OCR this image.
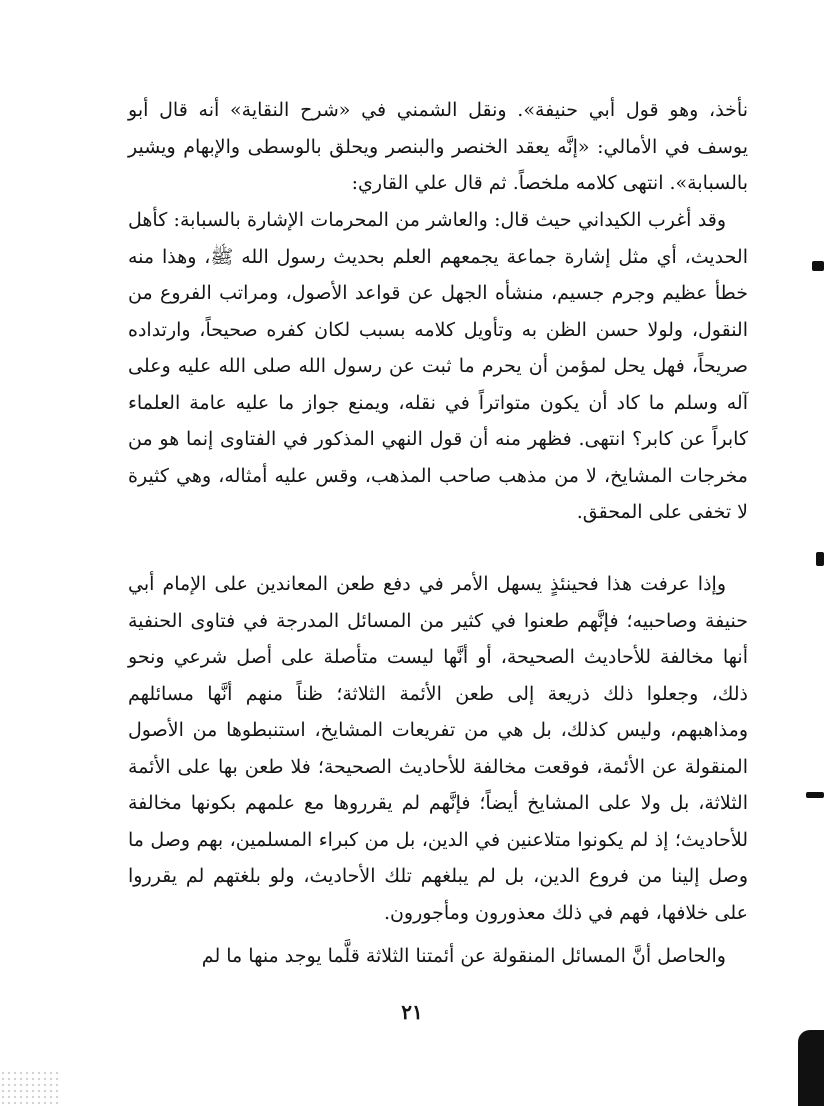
نأخذ، وهو قول أبي حنيفة». ونقل الشمني في «شرح النقاية» أنه قال أبو يوسف في الأمالي: «إنَّه يعقد الخنصر والبنصر ويحلق بالوسطى والإبهام ويشير بالسبابة». انتهى كلامه ملخصاً. ثم قال علي القاري:

وقد أغرب الكيداني حيث قال: والعاشر من المحرمات الإشارة بالسبابة: كأهل الحديث، أي مثل إشارة جماعة يجمعهم العلم بحديث رسول الله ﷺ، وهذا منه خطأ عظيم وجرم جسيم، منشأه الجهل عن قواعد الأصول، ومراتب الفروع من النقول، ولولا حسن الظن به وتأويل كلامه بسبب لكان كفره صحيحاً، وارتداده صريحاً، فهل يحل لمؤمن أن يحرم ما ثبت عن رسول الله صلى الله عليه وعلى آله وسلم ما كاد أن يكون متواتراً في نقله، ويمنع جواز ما عليه عامة العلماء كابراً عن كابر؟ انتهى. فظهر منه أن قول النهي المذكور في الفتاوى إنما هو من مخرجات المشايخ، لا من مذهب صاحب المذهب، وقس عليه أمثاله، وهي كثيرة لا تخفى على المحقق.

وإذا عرفت هذا فحينئذٍ يسهل الأمر في دفع طعن المعاندين على الإمام أبي حنيفة وصاحبيه؛ فإنَّهم طعنوا في كثير من المسائل المدرجة في فتاوى الحنفية أنها مخالفة للأحاديث الصحيحة، أو أنَّها ليست متأصلة على أصل شرعي ونحو ذلك، وجعلوا ذلك ذريعة إلى طعن الأئمة الثلاثة؛ ظناً منهم أنَّها مسائلهم ومذاهبهم، وليس كذلك، بل هي من تفريعات المشايخ، استنبطوها من الأصول المنقولة عن الأئمة، فوقعت مخالفة للأحاديث الصحيحة؛ فلا طعن بها على الأئمة الثلاثة، بل ولا على المشايخ أيضاً؛ فإنَّهم لم يقرروها مع علمهم بكونها مخالفة للأحاديث؛ إذ لم يكونوا متلاعنين في الدين، بل من كبراء المسلمين، بهم وصل ما وصل إلينا من فروع الدين، بل لم يبلغهم تلك الأحاديث، ولو بلغتهم لم يقرروا على خلافها، فهم في ذلك معذورون ومأجورون.

والحاصل أنَّ المسائل المنقولة عن أئمتنا الثلاثة قلَّما يوجد منها ما لم

٢١
